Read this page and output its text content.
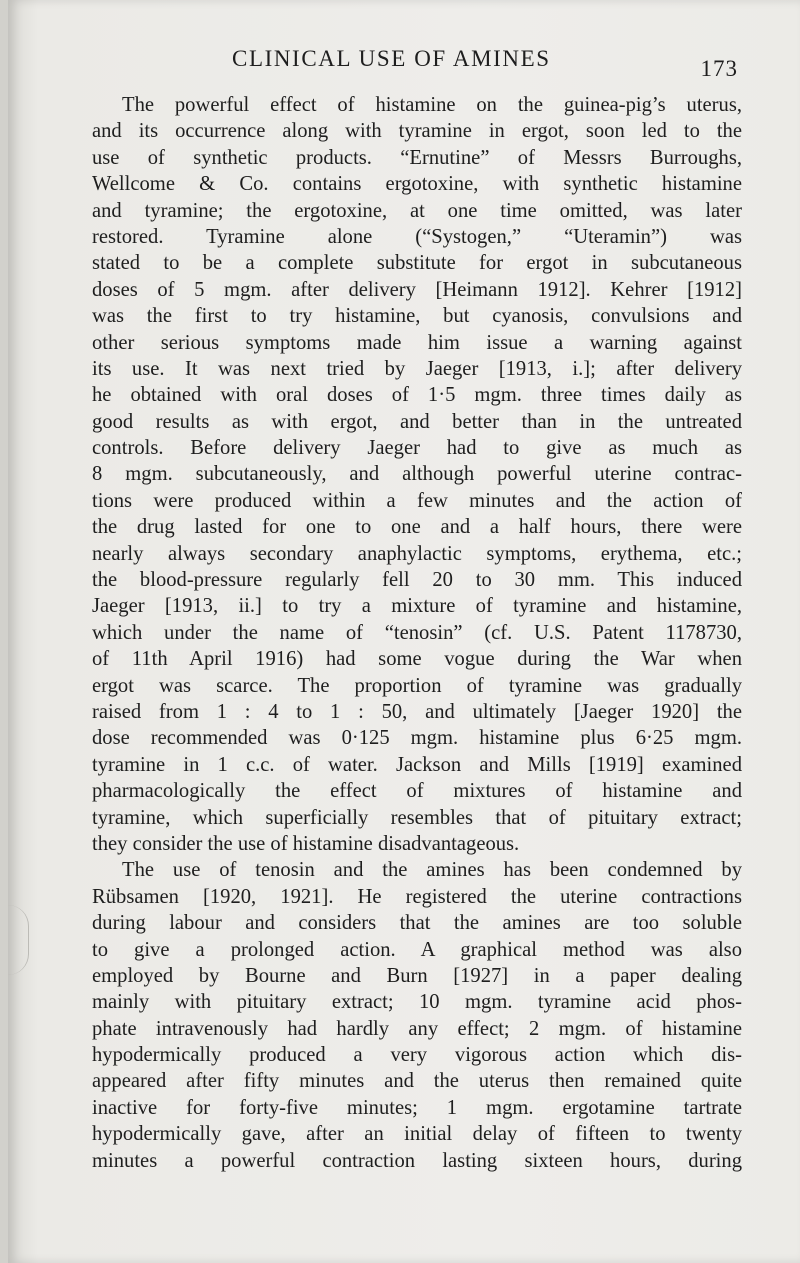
CLINICAL USE OF AMINES	173
The powerful effect of histamine on the guinea-pig’s uterus,
and its occurrence along with tyramine in ergot, soon led to the
use of synthetic products. “Ernutine” of Messrs Burroughs,
Wellcome & Co. contains ergotoxine, with synthetic histamine
and tyramine; the ergotoxine, at one time omitted, was later
restored. Tyramine alone (“Systogen,” “Uteramin”) was
stated to be a complete substitute for ergot in subcutaneous
doses of 5 mgm. after delivery [Heimann 1912]. Kehrer [1912]
was the first to try histamine, but cyanosis, convulsions and
other serious symptoms made him issue a warning against
its use. It was next tried by Jaeger [1913, i.]; after delivery
he obtained with oral doses of 1·5 mgm. three times daily as
good results as with ergot, and better than in the untreated
controls. Before delivery Jaeger had to give as much as
8 mgm. subcutaneously, and although powerful uterine contrac-
tions were produced within a few minutes and the action of
the drug lasted for one to one and a half hours, there were
nearly always secondary anaphylactic symptoms, erythema, etc.;
the blood-pressure regularly fell 20 to 30 mm. This induced
Jaeger [1913, ii.] to try a mixture of tyramine and histamine,
which under the name of “tenosin” (cf. U.S. Patent 1178730,
of 11th April 1916) had some vogue during the War when
ergot was scarce. The proportion of tyramine was gradually
raised from 1 : 4 to 1 : 50, and ultimately [Jaeger 1920] the
dose recommended was 0·125 mgm. histamine plus 6·25 mgm.
tyramine in 1 c.c. of water. Jackson and Mills [1919] examined
pharmacologically the effect of mixtures of histamine and
tyramine, which superficially resembles that of pituitary extract;
they consider the use of histamine disadvantageous.
The use of tenosin and the amines has been condemned by
Rübsamen [1920, 1921]. He registered the uterine contractions
during labour and considers that the amines are too soluble
to give a prolonged action. A graphical method was also
employed by Bourne and Burn [1927] in a paper dealing
mainly with pituitary extract; 10 mgm. tyramine acid phos-
phate intravenously had hardly any effect; 2 mgm. of histamine
hypodermically produced a very vigorous action which dis-
appeared after fifty minutes and the uterus then remained quite
inactive for forty-five minutes; 1 mgm. ergotamine tartrate
hypodermically gave, after an initial delay of fifteen to twenty
minutes a powerful contraction lasting sixteen hours, during
